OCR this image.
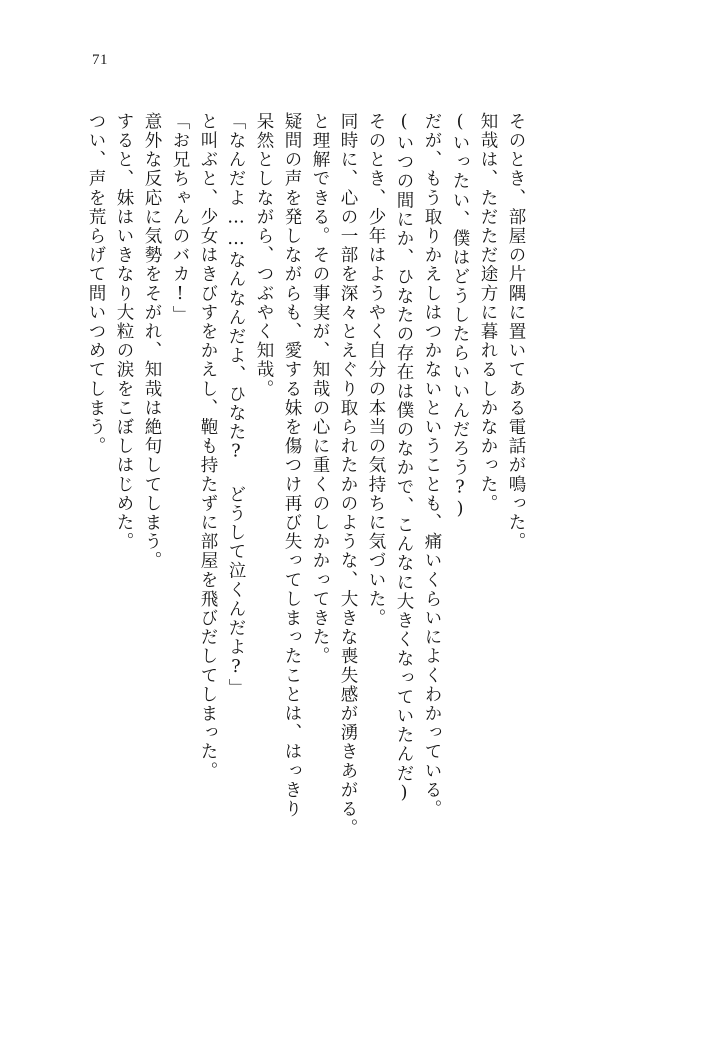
71
つい、声を荒らげて問いつめてしまう。 すると、妹はいきなり大粒の涙をこぼしはじめた。 意外な反応に気勢をそがれ、知哉は絶句してしまう。 「お兄ちゃんのバカ!」 と叫ぶと、少女はきびすをかえし、鞄も持たずに部屋を飛びだしてしまった。 「なんだよ……なんなんだよ、ひなた? どうして泣くんだよ?」 呆然としながら、つぶやく知哉。 疑問の声を発しながらも、愛する妹を傷つけ再び失ってしまったことは、はっきり と理解できる。その事実が、知哉の心に重くのしかかってきた。 同時に、心の一部を深々とえぐり取られたかのような、大きな喪失感が湧きあがる。 そのとき、少年はようやく自分の本当の気持ちに気づいた。 (いつの間にか、ひなたの存在は僕のなかで、こんなに大きくなっていたんだ) だが、もう取りかえしはつかないということも、痛いくらいによくわかっている。 (いったい、僕はどうしたらいいんだろう?) 知哉は、ただただ途方に暮れるしかなかった。 そのとき、部屋の片隅に置いてある電話が鳴った。
